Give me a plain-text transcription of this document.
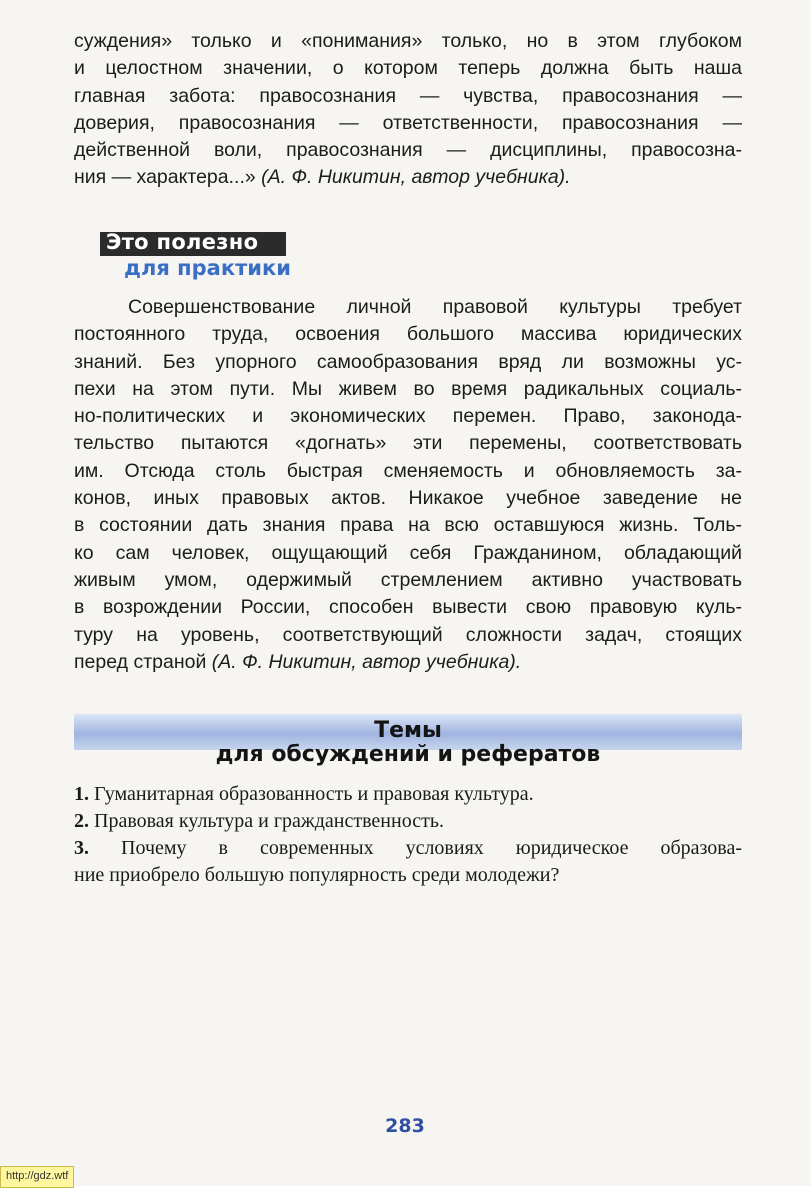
суждения» только и «понимания» только, но в этом глубоком
и целостном значении, о котором теперь должна быть наша
главная забота: правосознания — чувства, правосознания —
доверия, правосознания — ответственности, правосознания —
действенной воли, правосознания — дисциплины, правосозна-
ния — характера...» (А. Ф. Никитин, автор учебника).
Это полезно
для практики
Совершенствование личной правовой культуры требует
постоянного труда, освоения большого массива юридических
знаний. Без упорного самообразования вряд ли возможны ус-
пехи на этом пути. Мы живем во время радикальных социаль-
но-политических и экономических перемен. Право, законода-
тельство пытаются «догнать» эти перемены, соответствовать
им. Отсюда столь быстрая сменяемость и обновляемость за-
конов, иных правовых актов. Никакое учебное заведение не
в состоянии дать знания права на всю оставшуюся жизнь. Толь-
ко сам человек, ощущающий себя Гражданином, обладающий
живым умом, одержимый стремлением активно участвовать
в возрождении России, способен вывести свою правовую куль-
туру на уровень, соответствующий сложности задач, стоящих
перед страной (А. Ф. Никитин, автор учебника).
Темы
для обсуждений и рефератов
1. Гуманитарная образованность и правовая культура.
2. Правовая культура и гражданственность.
3. Почему в современных условиях юридическое образова-
ние приобрело большую популярность среди молодежи?
283
http://gdz.wtf
